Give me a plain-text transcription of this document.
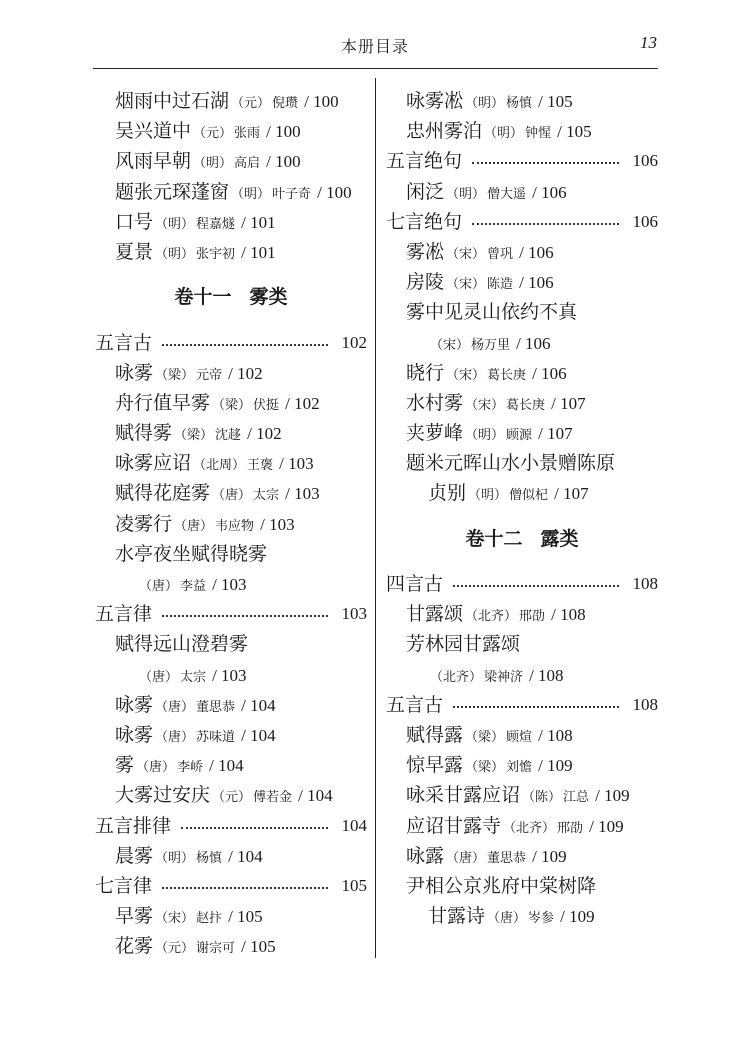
本册目录	13
烟雨中过石湖 （元） 倪瓒 / 100
吴兴道中 （元） 张雨 / 100
风雨早朝 （明） 高启 / 100
题张元琛蓬窗 （明） 叶子奇 / 100
口号 （明） 程嘉燧 / 101
夏景 （明） 张宇初 / 101
卷十一 雾类
五言古	102
咏雾 （梁） 元帝 / 102
舟行值早雾 （梁） 伏挺 / 102
赋得雾 （梁） 沈趍 / 102
咏雾应诏 （北周） 王褒 / 103
赋得花庭雾 （唐） 太宗 / 103
凌雾行 （唐） 韦应物 / 103
水亭夜坐赋得晓雾
（唐） 李益 / 103
五言律	103
赋得远山澄碧雾
（唐） 太宗 / 103
咏雾 （唐） 董思恭 / 104
咏雾 （唐） 苏味道 / 104
雾 （唐） 李峤 / 104
大雾过安庆 （元） 傅若金 / 104
五言排律	104
晨雾 （明） 杨慎 / 104
七言律	105
早雾 （宋） 赵抃 / 105
花雾 （元） 谢宗可 / 105
咏雾凇 （明） 杨慎 / 105
忠州雾泊 （明） 钟惺 / 105
五言绝句	106
闲泛 （明） 僧大遥 / 106
七言绝句	106
雾凇 （宋） 曾巩 / 106
房陵 （宋） 陈造 / 106
雾中见灵山依约不真
（宋） 杨万里 / 106
晓行 （宋） 葛长庚 / 106
水村雾 （宋） 葛长庚 / 107
夹萝峰 （明） 顾源 / 107
题米元晖山水小景赠陈原
贞别 （明） 僧似杞 / 107
卷十二 露类
四言古	108
甘露颂 （北齐） 邢劭 / 108
芳林园甘露颂
（北齐） 梁神济 / 108
五言古	108
赋得露 （梁） 顾煊 / 108
惊早露 （梁） 刘憺 / 109
咏采甘露应诏 （陈） 江总 / 109
应诏甘露寺 （北齐） 邢劭 / 109
咏露 （唐） 董思恭 / 109
尹相公京兆府中棠树降
甘露诗 （唐） 岑参 / 109
